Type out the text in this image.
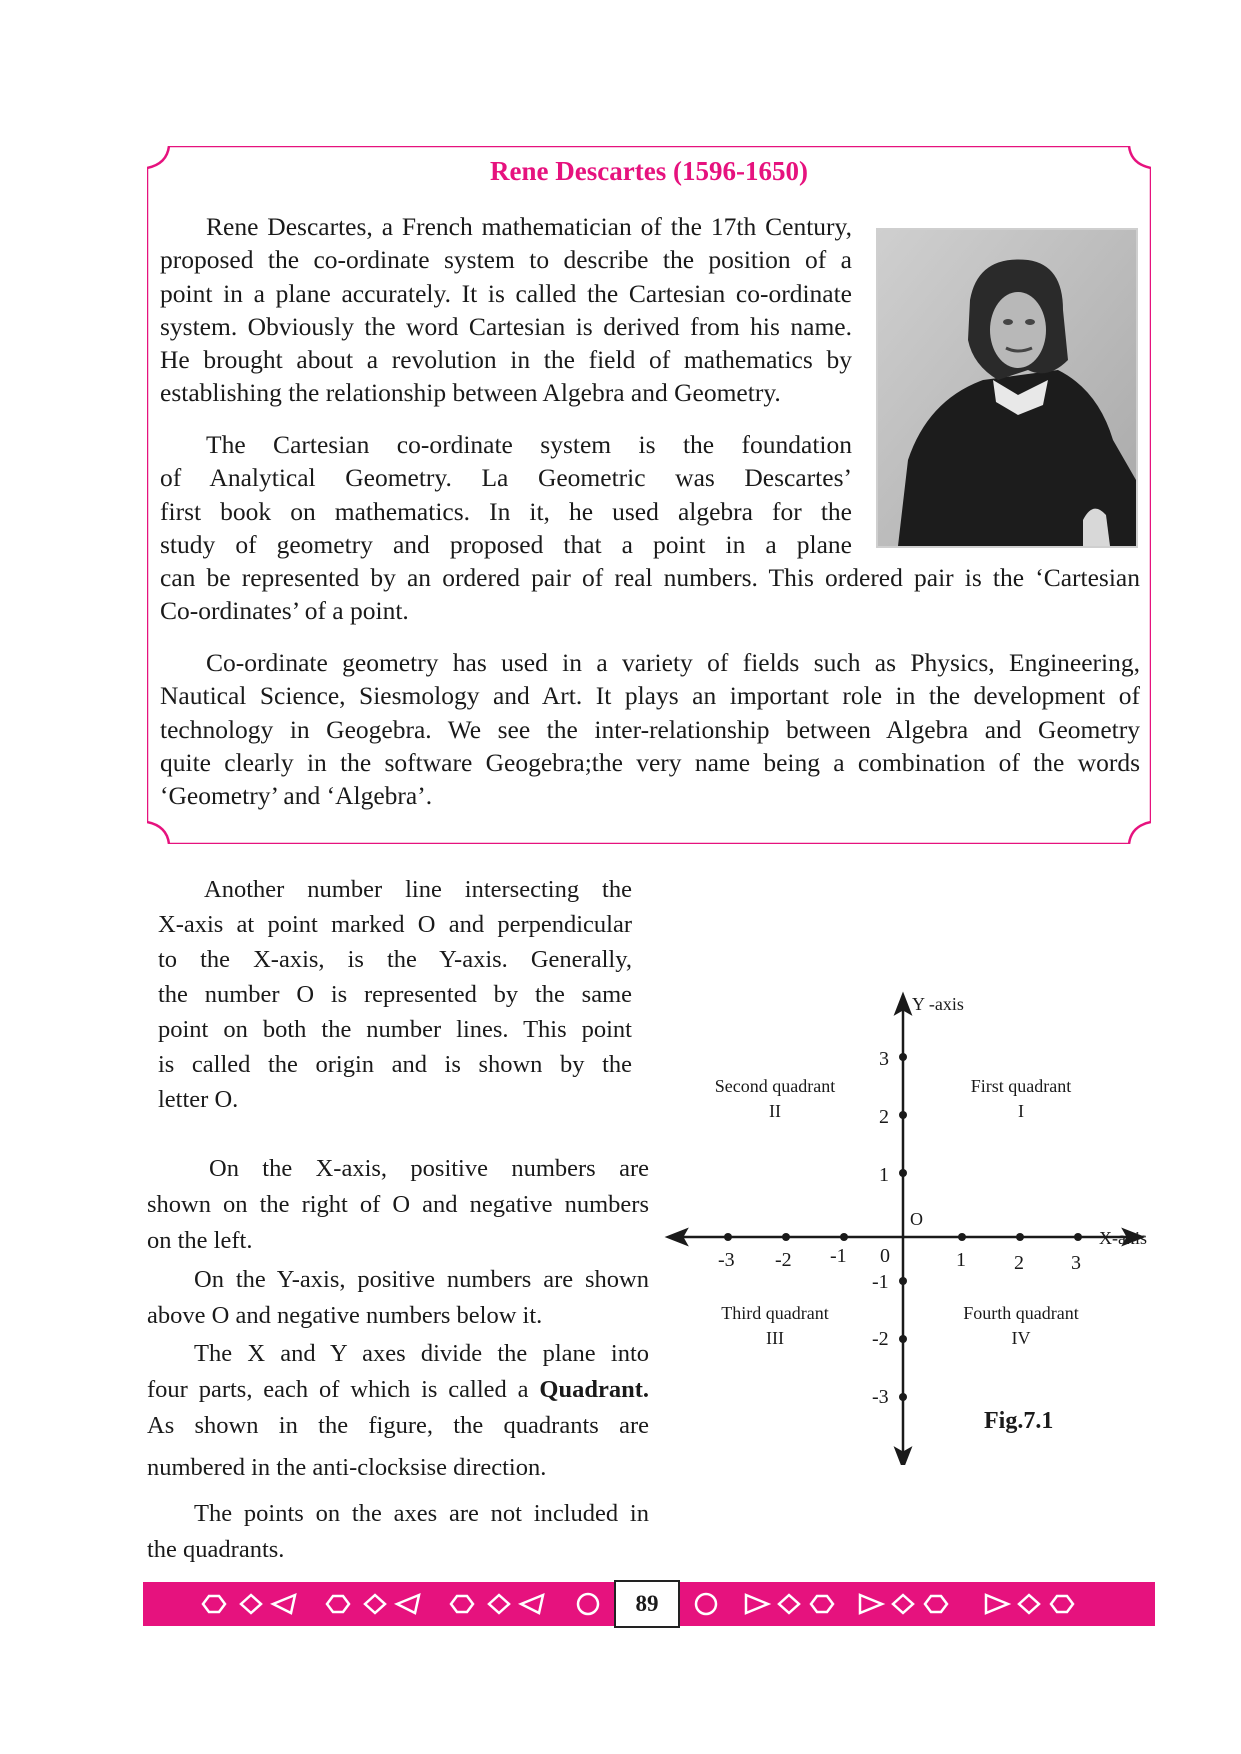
Rene Descartes (1596-1650)
Rene Descartes, a French mathematician of the 17th Century,
proposed the co-ordinate system to describe the position of a
point in a plane accurately. It is called the Cartesian co-ordinate
system. Obviously the word Cartesian is derived from his name.
He brought about a revolution in the field of mathematics by
establishing the relationship between Algebra and Geometry.
The Cartesian co-ordinate system is the foundation
of Analytical Geometry. La Geometric was Descartes’
first book on mathematics. In it, he used algebra for the
study of geometry and proposed that a point in a plane
can be represented by an ordered pair of real numbers. This ordered pair is the ‘Cartesian
Co-ordinates’ of a point.
Co-ordinate geometry has used in a variety of fields such as Physics, Engineering,
Nautical Science, Siesmology and Art. It plays an important role in the development of
technology in Geogebra. We see the inter-relationship between Algebra and Geometry
quite clearly in the software Geogebra;the very name being a combination of the words
‘Geometry’ and ‘Algebra’.
Another number line intersecting the
X-axis at point marked O and perpendicular
to the X-axis, is the Y-axis. Generally,
the number O is represented by the same
point on both the number lines. This point
is called the origin and is shown by the
letter O.
On the X-axis, positive numbers are
shown on the right of O and negative numbers
on the left.
On the Y-axis, positive numbers are shown
above O and negative numbers below it.
The X and Y axes divide the plane into
four parts, each of which is called a Quadrant.
As shown in the figure, the quadrants are
numbered in the anti-clocksise direction.
The points on the axes are not included in
the quadrants.
-3 -2 -1	1 2 3
0
O
3
2
1
-1
-2
-3
Y -axis
X-axis
Second quadrant
II
First quadrant
I
Third quadrant
III
Fourth quadrant
IV
Fig.7.1
89
